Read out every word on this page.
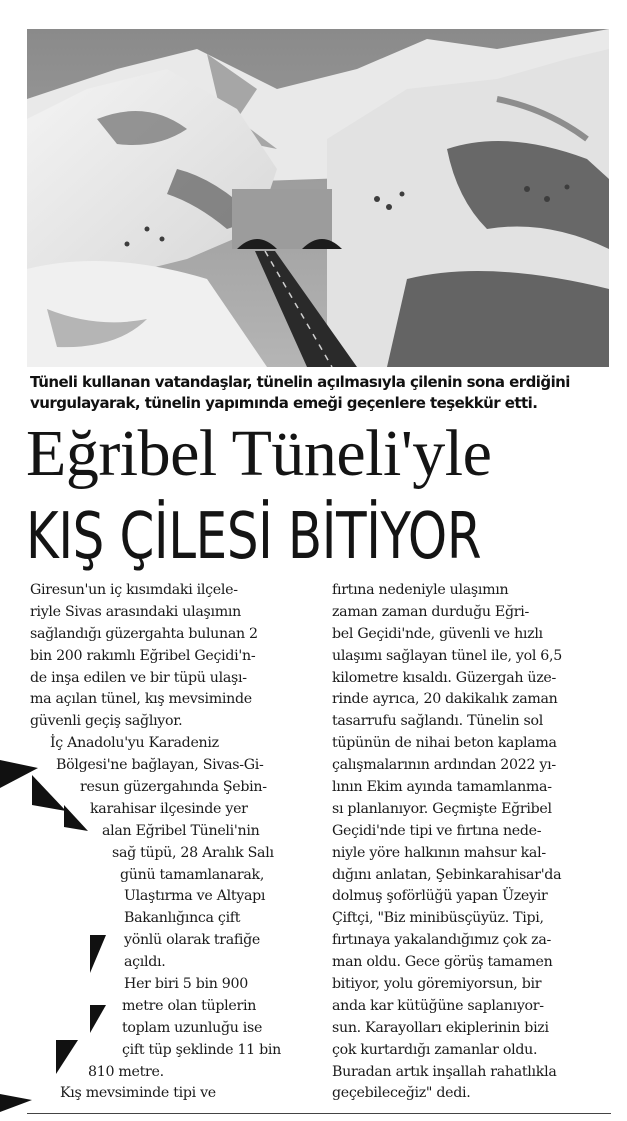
Tüneli kullanan vatandaşlar, tünelin açılmasıyla çilenin sona erdiğini
vurgulayarak, tünelin yapımında emeği geçenlere teşekkür etti.
Eğribel Tüneli'yle
KIŞ ÇİLESİ BİTİYOR
Giresun'un iç kısımdaki ilçele-
riyle Sivas arasındaki ulaşımın
sağlandığı güzergahta bulunan 2
bin 200 rakımlı Eğribel Geçidi'n-
de inşa edilen ve bir tüpü ulaşı-
ma açılan tünel, kış mevsiminde
güvenli geçiş sağlıyor.
İç Anadolu'yu Karadeniz
Bölgesi'ne bağlayan, Sivas-Gi-
resun güzergahında Şebin-
karahisar ilçesinde yer
alan Eğribel Tüneli'nin
sağ tüpü, 28 Aralık Salı
günü tamamlanarak,
Ulaştırma ve Altyapı
Bakanlığınca çift
yönlü olarak trafiğe
açıldı.
Her biri 5 bin 900
metre olan tüplerin
toplam uzunluğu ise
çift tüp şeklinde 11 bin
810 metre.
Kış mevsiminde tipi ve
fırtına nedeniyle ulaşımın
zaman zaman durduğu Eğri-
bel Geçidi'nde, güvenli ve hızlı
ulaşımı sağlayan tünel ile, yol 6,5
kilometre kısaldı. Güzergah üze-
rinde ayrıca, 20 dakikalık zaman
tasarrufu sağlandı. Tünelin sol
tüpünün de nihai beton kaplama
çalışmalarının ardından 2022 yı-
lının Ekim ayında tamamlanma-
sı planlanıyor. Geçmişte Eğribel
Geçidi'nde tipi ve fırtına nede-
niyle yöre halkının mahsur kal-
dığını anlatan, Şebinkarahisar'da
dolmuş şoförlüğü yapan Üzeyir
Çiftçi, "Biz minibüsçüyüz. Tipi,
fırtınaya yakalandığımız çok za-
man oldu. Gece görüş tamamen
bitiyor, yolu göremiyorsun, bir
anda kar kütüğüne saplanıyor-
sun. Karayolları ekiplerinin bizi
çok kurtardığı zamanlar oldu.
Buradan artık inşallah rahatlıkla
geçebileceğiz" dedi.
